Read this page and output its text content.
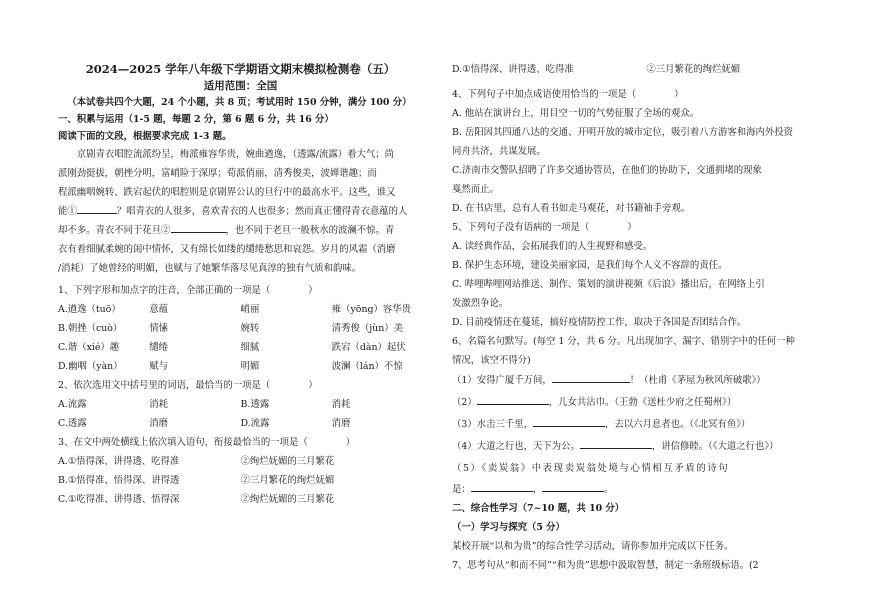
2024—2025 学年八年级下学期语文期末模拟检测卷（五）
适用范围：全国
（本试卷共四个大题，24 个小题，共 8 页；考试用时 150 分钟，满分 100 分）
一、积累与运用（1-5 题，每题 2 分，第 6 题 6 分，共 16 分）
阅读下面的文段，根据要求完成 1-3 题。
京剧青衣唱腔流派纷呈，梅派雍容华贵，婉曲遒逸，（透露/流露）着大气；尚
派刚劲挺拔，朝挫分明，富峭险于深厚；荀派俏丽，清秀俊美，波婵谐趣；而
程派幽咽婉转、跌宕起伏的唱腔则是京剧界公认的旦行中的最高水平。这些，谁又
能①	？唱青衣的人很多，喜欢青衣的人也很多；然而真正懂得青衣意蕴的人
却不多。青衣不同于花旦②	，也不同于老旦一般秋水的波澜不惊。青
衣有着细腻柔婉的闺中情怀，又有绵长如缕的缱绻愁思和哀怨。岁月的风霜（消磨
/消耗）了她曾经的明媚，也赋与了她繁华落尽见真淳的独有气质和韵味。
1、下列字形和加点字的注音，全部正确的一项是（	）
A.遒逸（tuō）	意蕴	峭丽	雍（yōng）容华贵
B.朝挫（cuò）	情愫	婉转	清秀俊（jùn）美
C.谐（xié）趣	缱绻	细腻	跌宕（dàn）起伏
D.幽咽（yàn）	赋与	明媚	波澜（lán）不惊
2、依次选用文中括号里的词语，最恰当的一项是（	）
A.流露	消耗	B.透露	消耗
C.透露	消磨	D.流露	消磨
3、在文中两处横线上依次填入语句，衔接最恰当的一项是（	）
A.①悟得深、讲得透、吃得准	②绚烂妩媚的三月繁花
B.①悟得准、悟得深、讲得透	②三月繁花的绚烂妩媚
C.①吃得准、讲得透、悟得深	②绚烂妩媚的三月繁花
D.①悟得深、讲得透、吃得准	②三月繁花的绚烂妩媚
4、下列句子中加点成语使用恰当的一项是（	）
A. 他站在演讲台上，用目空一切的气势征服了全场的观众。
B. 岳阳因其四通八达的交通、开明开放的城市定位，吸引着八方游客和海内外投资
同舟共济，共谋发展。
C.济南市交警队招聘了许多交通协管员，在他们的协助下，交通拥堵的现象
戛然而止。
D. 在书店里，总有人看书如走马观花，对书籍袖手旁观。
5、下列句子没有语病的一项是（	）
A. 读经典作品，会拓展我们的人生视野和感受。
B. 保护生态环境，建设美丽家园，是我们每个人义不容辞的责任。
C. 哔哩哔哩网站推送、制作、策划的演讲视频《后浪》播出后，在网络上引
发激烈争论。
D. 目前疫情还在蔓延，搞好疫情防控工作，取决于各国是否团结合作。
6、名篇名句默写。(每空 1 分，共 6 分。凡出现加字、漏字、错别字中的任何一种
情况，该空不得分)
（1）安得广厦千万间，	！（杜甫《茅屋为秋风所破歌》）
（2）	，儿女共沾巾。（王勃《送杜少府之任蜀州》）
（3）水击三千里，	，去以六月息者也。（《北冥有鱼》）
（4）大道之行也，天下为公。	，讲信修睦。（《大道之行也》）
（5）《卖炭翁》中表现卖炭翁处境与心情相互矛盾的诗句
是：	，	。
二、综合性学习（7~10 题，共 10 分）
（一）学习与探究（5 分）
某校开展“以和为贵”的综合性学习活动，请你参加并完成以下任务。
7、思考句从“和而不同”“和为贵”思想中汲取智慧，制定一条班级标语。(2
